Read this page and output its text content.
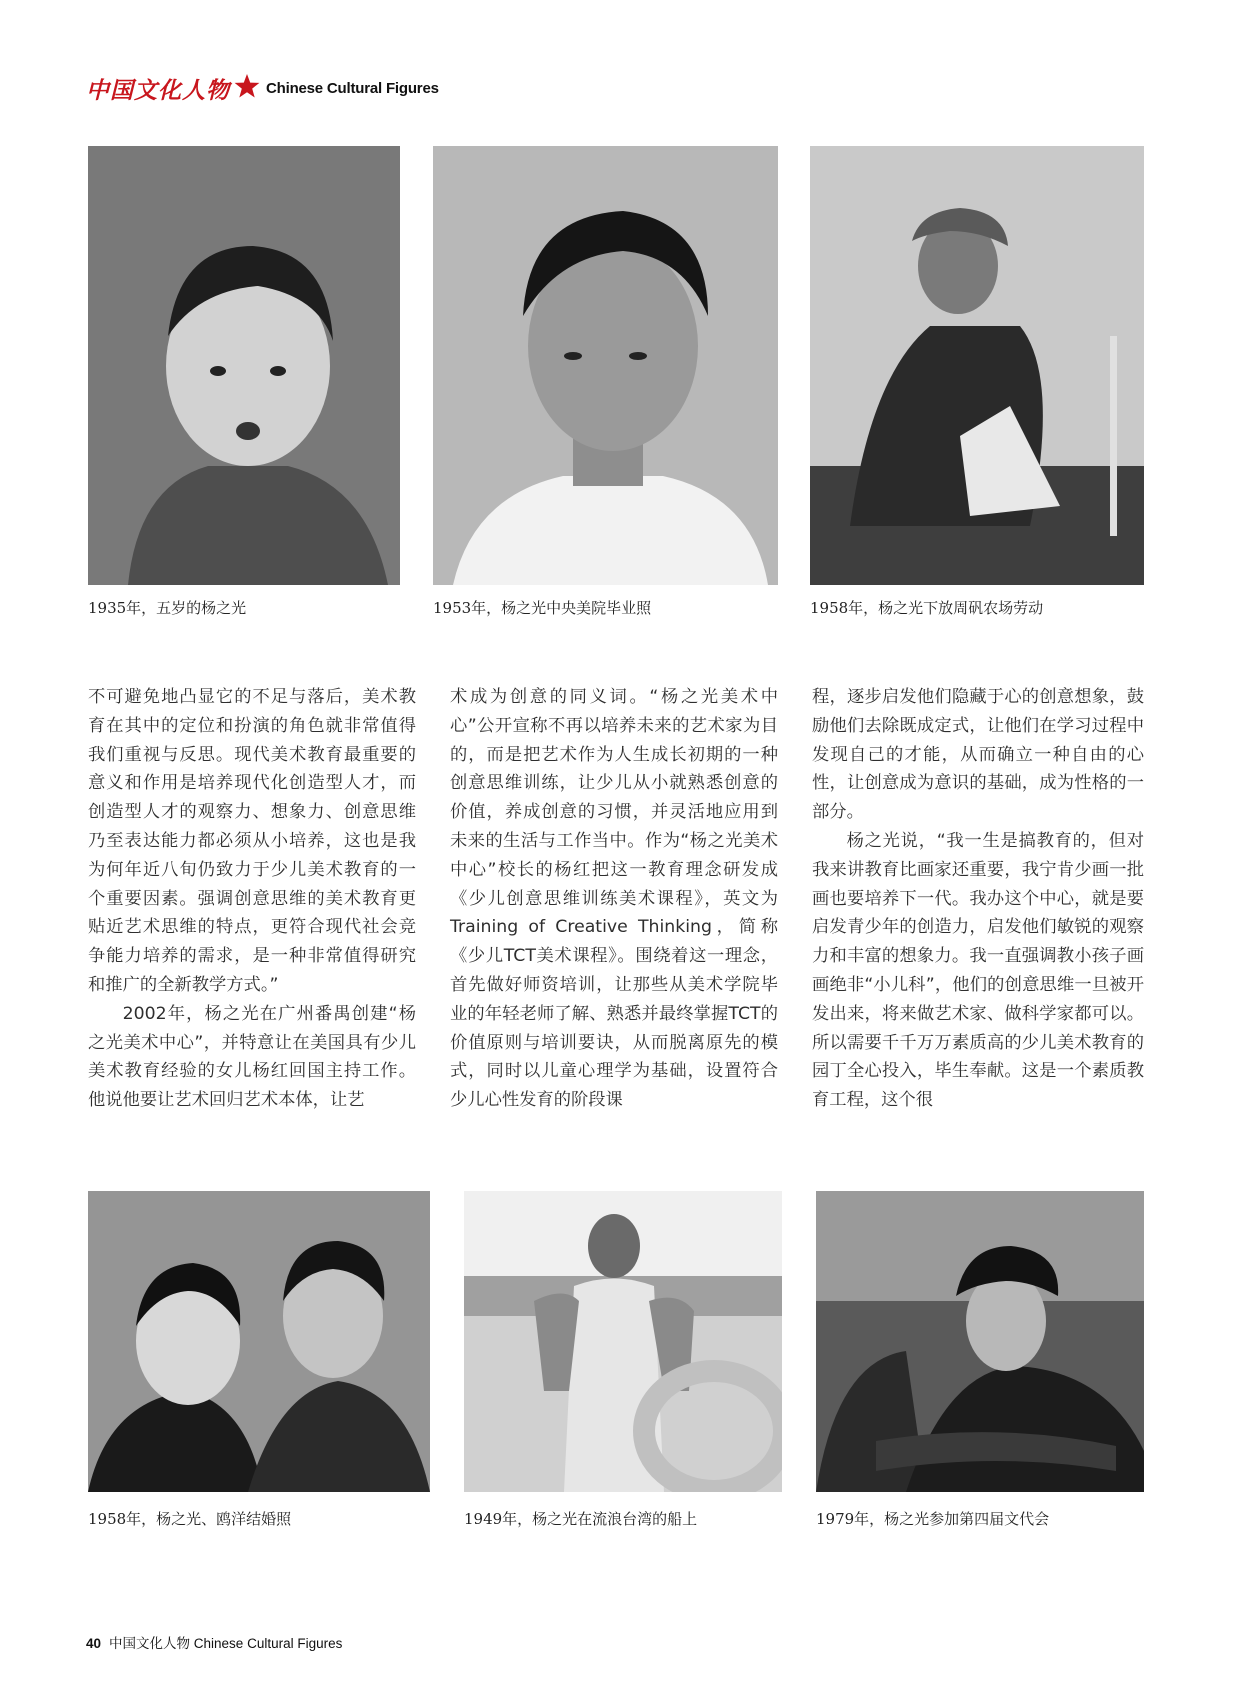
中国文化人物 Chinese Cultural Figures
1935年，五岁的杨之光	1953年，杨之光中央美院毕业照	1958年，杨之光下放周矾农场劳动

不可避免地凸显它的不足与落后，美术教育在其中的定位和扮演的角色就非常值得我们重视与反思。现代美术教育最重要的意义和作用是培养现代化创造型人才，而创造型人才的观察力、想象力、创意思维乃至表达能力都必须从小培养，这也是我为何年近八旬仍致力于少儿美术教育的一个重要因素。强调创意思维的美术教育更贴近艺术思维的特点，更符合现代社会竞争能力培养的需求，是一种非常值得研究和推广的全新教学方式。”

2002年，杨之光在广州番禺创建“杨之光美术中心”，并特意让在美国具有少儿美术教育经验的女儿杨红回国主持工作。他说他要让艺术回归艺术本体，让艺

术成为创意的同义词。“杨之光美术中心”公开宣称不再以培养未来的艺术家为目的，而是把艺术作为人生成长初期的一种创意思维训练，让少儿从小就熟悉创意的价值，养成创意的习惯，并灵活地应用到未来的生活与工作当中。作为“杨之光美术中心”校长的杨红把这一教育理念研发成《少儿创意思维训练美术课程》，英文为Training of Creative Thinking，简称《少儿TCT美术课程》。围绕着这一理念，首先做好师资培训，让那些从美术学院毕业的年轻老师了解、熟悉并最终掌握TCT的价值原则与培训要诀，从而脱离原先的模式，同时以儿童心理学为基础，设置符合少儿心性发育的阶段课

程，逐步启发他们隐藏于心的创意想象，鼓励他们去除既成定式，让他们在学习过程中发现自己的才能，从而确立一种自由的心性，让创意成为意识的基础，成为性格的一部分。

杨之光说，“我一生是搞教育的，但对我来讲教育比画家还重要，我宁肯少画一批画也要培养下一代。我办这个中心，就是要启发青少年的创造力，启发他们敏锐的观察力和丰富的想象力。我一直强调教小孩子画画绝非“小儿科”，他们的创意思维一旦被开发出来，将来做艺术家、做科学家都可以。所以需要千千万万素质高的少儿美术教育的园丁全心投入，毕生奉献。这是一个素质教育工程，这个很

1958年，杨之光、鸥洋结婚照	1949年，杨之光在流浪台湾的船上	1979年，杨之光参加第四届文代会
40 中国文化人物 Chinese Cultural Figures
